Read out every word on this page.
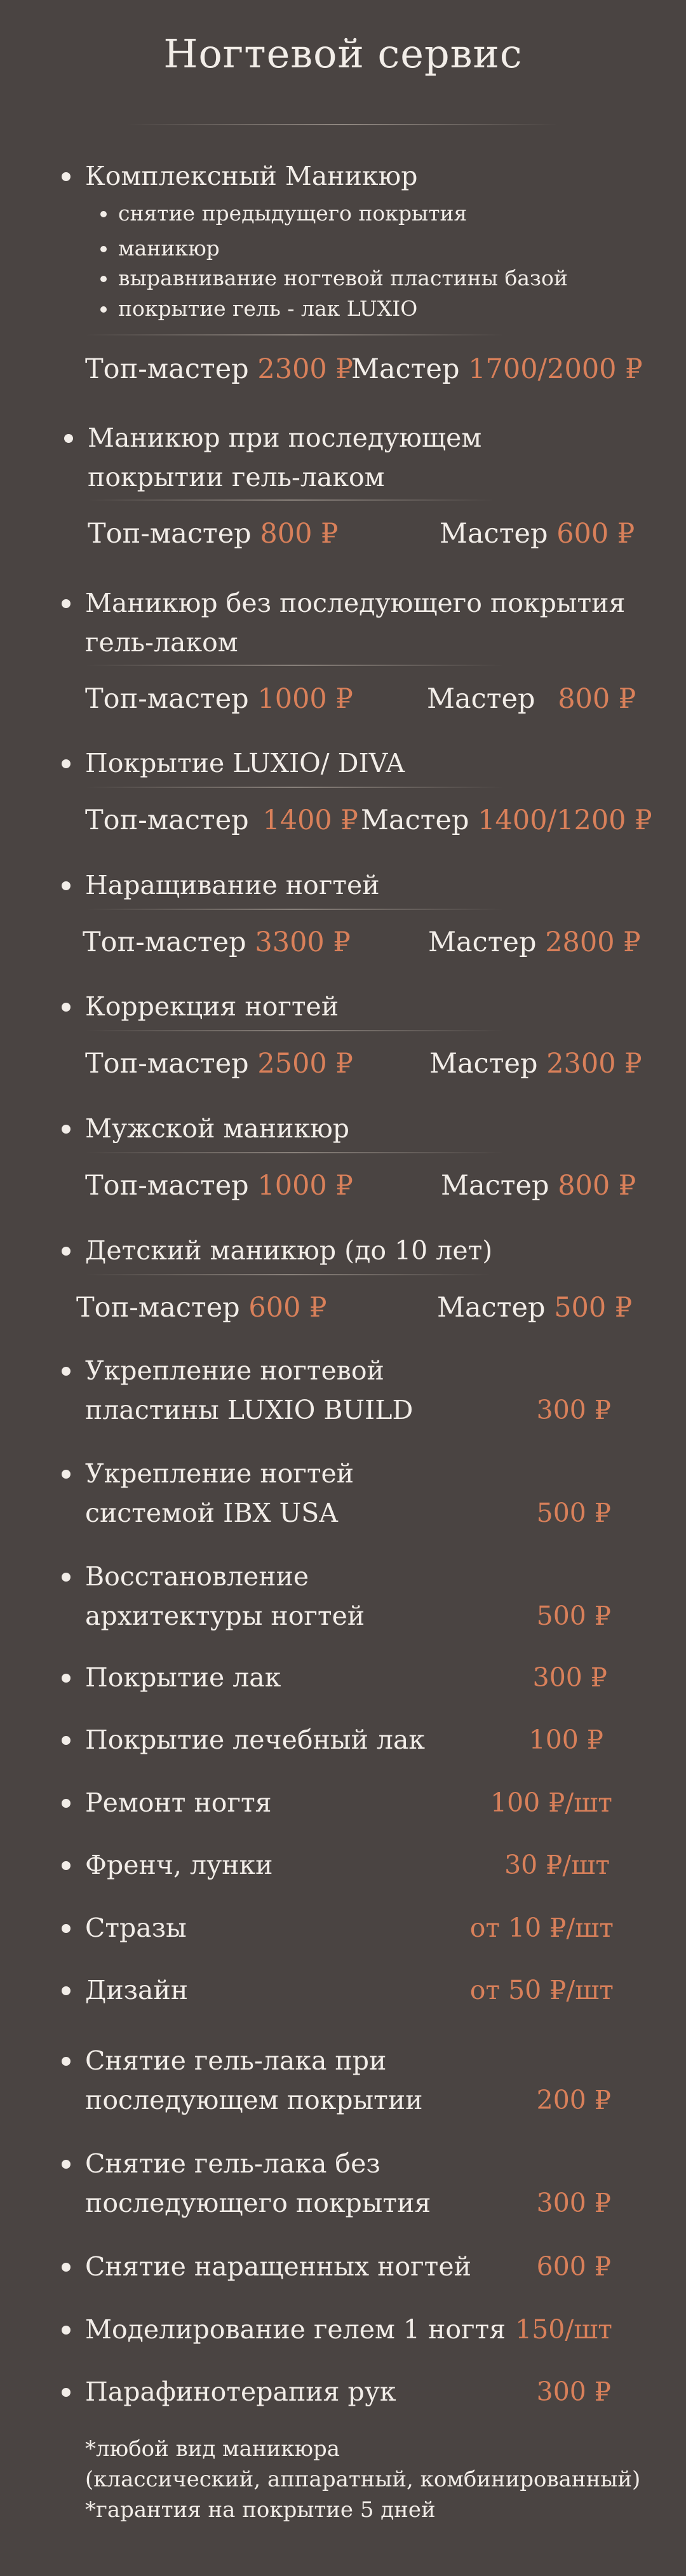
Ногтевой сервис
Комплексный Маникюр
снятие предыдущего покрытия
маникюр
выравнивание ногтевой пластины базой
покрытие гель - лак LUXIO
Топ-мастер 2300 ₽
Мастер 1700/2000 ₽
Маникюр при последующем
покрытии гель-лаком
Топ-мастер 800 ₽	Мастер 600 ₽
Маникюр без последующего покрытия
гель-лаком
Топ-мастер 1000 ₽	Мастер 800 ₽
Покрытие LUXIO/ DIVA
Топ-мастер 1400 ₽ Мастер 1400/1200 ₽
Наращивание ногтей
Топ-мастер 3300 ₽	Мастер 2800 ₽
Коррекция ногтей
Топ-мастер 2500 ₽	Мастер 2300 ₽
Мужской маникюр
Топ-мастер 1000 ₽	Мастер 800 ₽
Детский маникюр (до 10 лет)
Топ-мастер 600 ₽	Мастер 500 ₽
Укрепление ногтевой
пластины LUXIO BUILD	300 ₽
Укрепление ногтей
системой IBX USA	500 ₽
Восстановление
архитектуры ногтей	500 ₽
Покрытие лак	300 ₽
Покрытие лечебный лак	100 ₽
Ремонт ногтя	100 ₽/шт
Френч, лунки	30 ₽/шт
Стразы	от 10 ₽/шт
Дизайн	от 50 ₽/шт
Снятие гель-лака при
последующем покрытии	200 ₽
Снятие гель-лака без
последующего покрытия	300 ₽
Снятие наращенных ногтей	600 ₽
Моделирование гелем 1 ногтя 150/шт
Парафинотерапия рук	300 ₽
*любой вид маникюра
(классический, аппаратный, комбинированный)
*гарантия на покрытие 5 дней
